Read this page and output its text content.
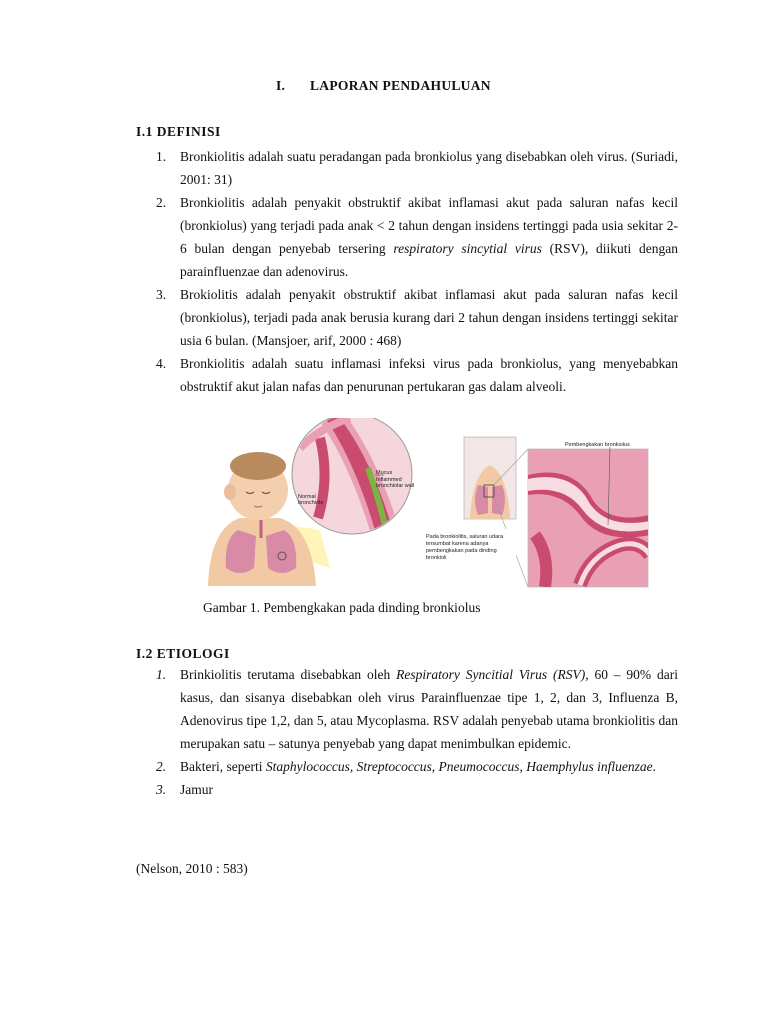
I. LAPORAN PENDAHULUAN
I.1 DEFINISI
1. Bronkiolitis adalah suatu peradangan pada bronkiolus yang disebabkan oleh virus. (Suriadi, 2001: 31)
2. Bronkiolitis adalah penyakit obstruktif akibat inflamasi akut pada saluran nafas kecil (bronkiolus) yang terjadi pada anak < 2 tahun dengan insidens tertinggi pada usia sekitar 2-6 bulan dengan penyebab tersering respiratory sincytial virus (RSV), diikuti dengan parainfluenzae dan adenovirus.
3. Brokiolitis adalah penyakit obstruktif akibat inflamasi akut pada saluran nafas kecil (bronkiolus), terjadi pada anak berusia kurang dari 2 tahun dengan insidens tertinggi sekitar usia 6 bulan. (Mansjoer, arif, 2000 : 468)
4. Bronkiolitis adalah suatu inflamasi infeksi virus pada bronkiolus, yang menyebabkan obstruktif akut jalan nafas dan penurunan pertukaran gas dalam alveoli.
Mucus
Inflammed
bronchiolar wall
Normal
bronchiole
Pembengkakan bronkiolus
Pada bronkiolitis, saluran udara
tersumbat karena adanya
pembengkakan pada dinding
bronkioli
Gambar 1. Pembengkakan pada dinding bronkiolus
I.2 ETIOLOGI
1. Brinkiolitis terutama disebabkan oleh Respiratory Syncitial Virus (RSV), 60 – 90% dari kasus, dan sisanya disebabkan oleh virus Parainfluenzae tipe 1, 2, dan 3, Influenza B, Adenovirus tipe 1,2, dan 5, atau Mycoplasma. RSV adalah penyebab utama bronkiolitis dan merupakan satu – satunya penyebab yang dapat menimbulkan epidemic.
2. Bakteri, seperti Staphylococcus, Streptococcus, Pneumococcus, Haemphylus influenzae.
3. Jamur
(Nelson, 2010 : 583)
